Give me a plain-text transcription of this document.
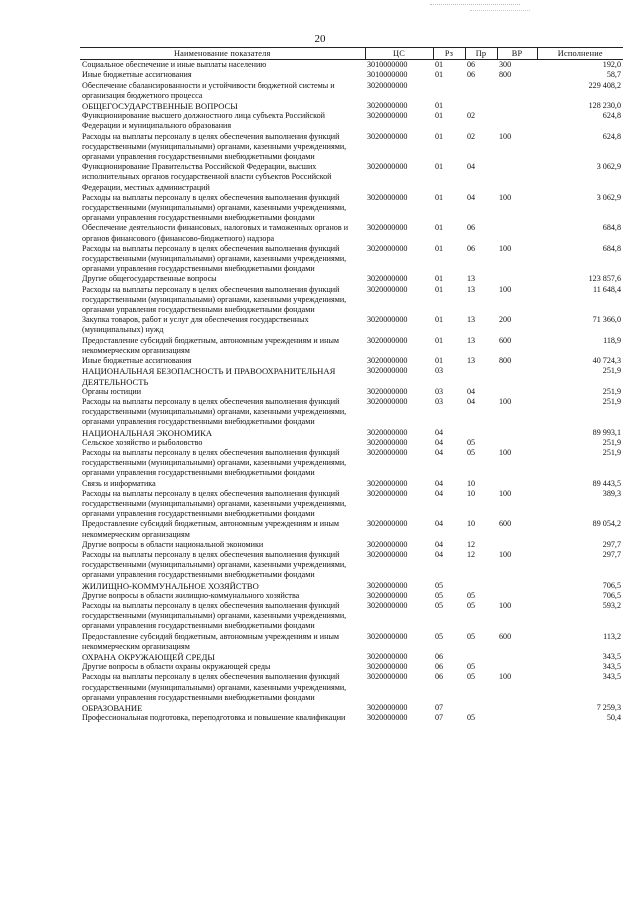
20
Наименование показателя	ЦС	Рз	Пр	ВР	Исполнение
Социальное обеспечение и иные выплаты населению	3010000000	01	06	300	192,0
Иные бюджетные ассигнования	3010000000	01	06	800	58,7
Обеспечение сбалансированности и устойчивости бюджетной системы и организация бюджетного процесса	3020000000				229 408,2
ОБЩЕГОСУДАРСТВЕННЫЕ ВОПРОСЫ	3020000000	01			128 230,0
Функционирование высшего должностного лица субъекта Российской Федерации и муниципального образования	3020000000	01	02		624,8
Расходы на выплаты персоналу в целях обеспечения выполнения функций государственными (муниципальными) органами, казенными учреждениями, органами управления государственными внебюджетными фондами	3020000000	01	02	100	624,8
Функционирование Правительства Российской Федерации, высших исполнительных органов государственной власти субъектов Российской Федерации, местных администраций	3020000000	01	04		3 062,9
Расходы на выплаты персоналу в целях обеспечения выполнения функций государственными (муниципальными) органами, казенными учреждениями, органами управления государственными внебюджетными фондами	3020000000	01	04	100	3 062,9
Обеспечение деятельности финансовых, налоговых и таможенных органов и органов финансового (финансово-бюджетного) надзора	3020000000	01	06		684,8
Расходы на выплаты персоналу в целях обеспечения выполнения функций государственными (муниципальными) органами, казенными учреждениями, органами управления государственными внебюджетными фондами	3020000000	01	06	100	684,8
Другие общегосударственные вопросы	3020000000	01	13		123 857,6
Расходы на выплаты персоналу в целях обеспечения выполнения функций государственными (муниципальными) органами, казенными учреждениями, органами управления государственными внебюджетными фондами	3020000000	01	13	100	11 648,4
Закупка товаров, работ и услуг для обеспечения государственных (муниципальных) нужд	3020000000	01	13	200	71 366,0
Предоставление субсидий бюджетным, автономным учреждениям и иным некоммерческим организациям	3020000000	01	13	600	118,9
Иные бюджетные ассигнования	3020000000	01	13	800	40 724,3
НАЦИОНАЛЬНАЯ БЕЗОПАСНОСТЬ И ПРАВООХРАНИТЕЛЬНАЯ ДЕЯТЕЛЬНОСТЬ	3020000000	03			251,9
Органы юстиции	3020000000	03	04		251,9
Расходы на выплаты персоналу в целях обеспечения выполнения функций государственными (муниципальными) органами, казенными учреждениями, органами управления государственными внебюджетными фондами	3020000000	03	04	100	251,9
НАЦИОНАЛЬНАЯ ЭКОНОМИКА	3020000000	04			89 993,1
Сельское хозяйство и рыболовство	3020000000	04	05		251,9
Расходы на выплаты персоналу в целях обеспечения выполнения функций государственными (муниципальными) органами, казенными учреждениями, органами управления государственными внебюджетными фондами	3020000000	04	05	100	251,9
Связь и информатика	3020000000	04	10		89 443,5
Расходы на выплаты персоналу в целях обеспечения выполнения функций государственными (муниципальными) органами, казенными учреждениями, органами управления государственными внебюджетными фондами	3020000000	04	10	100	389,3
Предоставление субсидий бюджетным, автономным учреждениям и иным некоммерческим организациям	3020000000	04	10	600	89 054,2
Другие вопросы в области национальной экономики	3020000000	04	12		297,7
Расходы на выплаты персоналу в целях обеспечения выполнения функций государственными (муниципальными) органами, казенными учреждениями, органами управления государственными внебюджетными фондами	3020000000	04	12	100	297,7
ЖИЛИЩНО-КОММУНАЛЬНОЕ ХОЗЯЙСТВО	3020000000	05			706,5
Другие вопросы в области жилищно-коммунального хозяйства	3020000000	05	05		706,5
Расходы на выплаты персоналу в целях обеспечения выполнения функций государственными (муниципальными) органами, казенными учреждениями, органами управления государственными внебюджетными фондами	3020000000	05	05	100	593,2
Предоставление субсидий бюджетным, автономным учреждениям и иным некоммерческим организациям	3020000000	05	05	600	113,2
ОХРАНА ОКРУЖАЮЩЕЙ СРЕДЫ	3020000000	06			343,5
Другие вопросы в области охраны окружающей среды	3020000000	06	05		343,5
Расходы на выплаты персоналу в целях обеспечения выполнения функций государственными (муниципальными) органами, казенными учреждениями, органами управления государственными внебюджетными фондами	3020000000	06	05	100	343,5
ОБРАЗОВАНИЕ	3020000000	07			7 259,3
Профессиональная подготовка, переподготовка и повышение квалификации	3020000000	07	05		50,4
